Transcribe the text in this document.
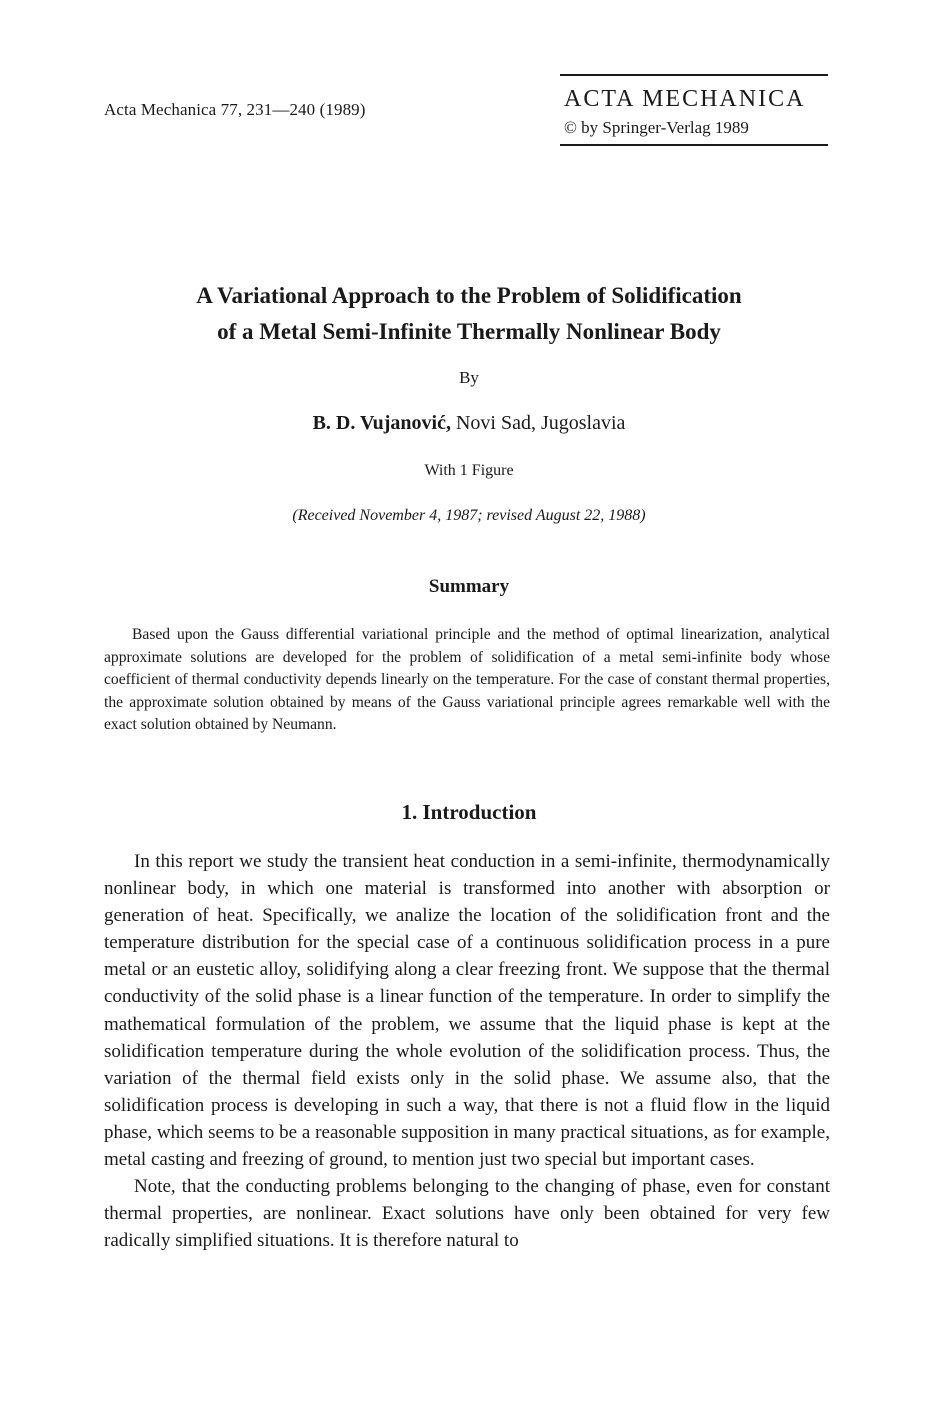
Acta Mechanica 77, 231—240 (1989)	ACTA MECHANICA
© by Springer-Verlag 1989
A Variational Approach to the Problem of Solidification
of a Metal Semi-Infinite Thermally Nonlinear Body
By
B. D. Vujanović, Novi Sad, Jugoslavia
With 1 Figure
(Received November 4, 1987; revised August 22, 1988)
Summary
Based upon the Gauss differential variational principle and the method of optimal linearization, analytical approximate solutions are developed for the problem of solidification of a metal semi-infinite body whose coefficient of thermal conductivity depends linearly on the temperature. For the case of constant thermal properties, the approximate solution obtained by means of the Gauss variational principle agrees remarkable well with the exact solution obtained by Neumann.
1. Introduction

In this report we study the transient heat conduction in a semi-infinite, thermodynamically nonlinear body, in which one material is transformed into another with absorption or generation of heat. Specifically, we analize the location of the solidification front and the temperature distribution for the special case of a continuous solidification process in a pure metal or an eustetic alloy, solidifying along a clear freezing front. We suppose that the thermal conductivity of the solid phase is a linear function of the temperature. In order to simplify the mathematical formulation of the problem, we assume that the liquid phase is kept at the solidification temperature during the whole evolution of the solidification process. Thus, the variation of the thermal field exists only in the solid phase. We assume also, that the solidification process is developing in such a way, that there is not a fluid flow in the liquid phase, which seems to be a reasonable supposition in many practical situations, as for example, metal casting and freezing of ground, to mention just two special but important cases.

Note, that the conducting problems belonging to the changing of phase, even for constant thermal properties, are nonlinear. Exact solutions have only been obtained for very few radically simplified situations. It is therefore natural to
